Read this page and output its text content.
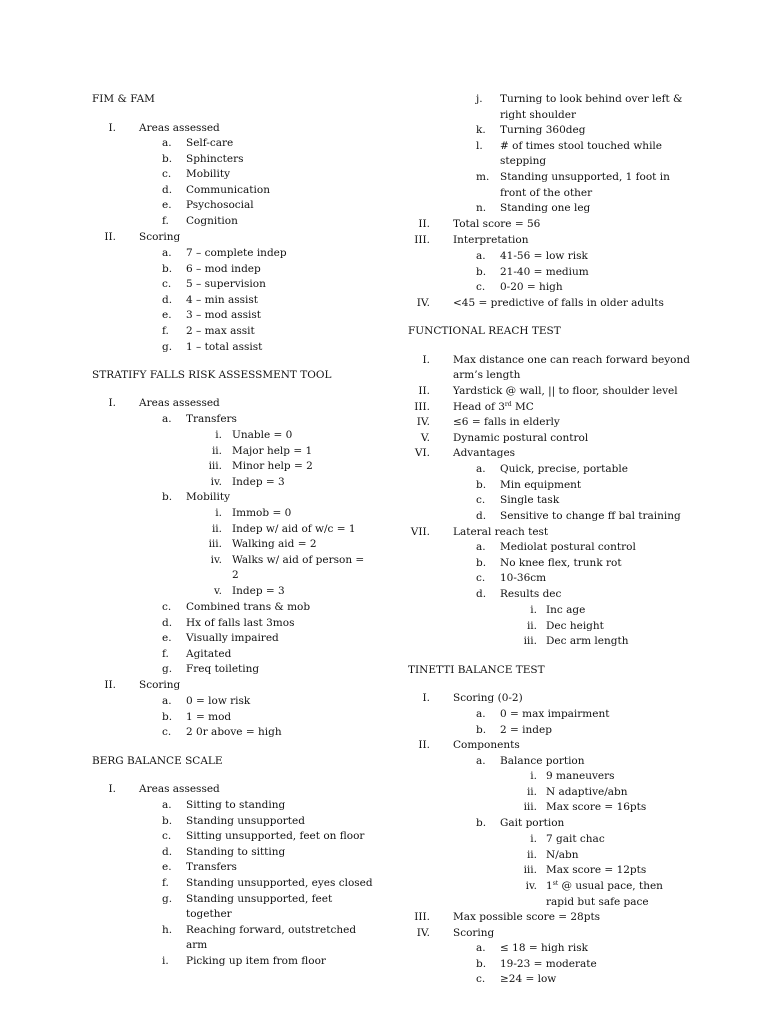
FIM & FAM
I. Areas assessed
a. Self-care
b. Sphincters
c. Mobility
d. Communication
e. Psychosocial
f. Cognition
II. Scoring
a. 7 – complete indep
b. 6 – mod indep
c. 5 – supervision
d. 4 – min assist
e. 3 – mod assist
f. 2 – max assit
g. 1 – total assist
STRATIFY FALLS RISK ASSESSMENT TOOL
I. Areas assessed
a. Transfers
i. Unable = 0
ii. Major help = 1
iii. Minor help = 2
iv. Indep = 3
b. Mobility
i. Immob = 0
ii. Indep w/ aid of w/c = 1
iii. Walking aid = 2
iv. Walks w/ aid of person =
2
v. Indep = 3
c. Combined trans & mob
d. Hx of falls last 3mos
e. Visually impaired
f. Agitated
g. Freq toileting
II. Scoring
a. 0 = low risk
b. 1 = mod
c. 2 0r above = high
BERG BALANCE SCALE
I. Areas assessed
a. Sitting to standing
b. Standing unsupported
c. Sitting unsupported, feet on floor
d. Standing to sitting
e. Transfers
f. Standing unsupported, eyes closed
g. Standing unsupported, feet
together
h. Reaching forward, outstretched
arm
i. Picking up item from floor
j. Turning to look behind over left &
right shoulder
k. Turning 360deg
l. # of times stool touched while
stepping
m. Standing unsupported, 1 foot in
front of the other
n. Standing one leg
II. Total score = 56
III. Interpretation
a. 41-56 = low risk
b. 21-40 = medium
c. 0-20 = high
IV. <45 = predictive of falls in older adults
FUNCTIONAL REACH TEST
I. Max distance one can reach forward beyond
arm’s length
II. Yardstick @ wall, || to floor, shoulder level
III. Head of 3rd MC
IV. ≤6 = falls in elderly
V. Dynamic postural control
VI. Advantages
a. Quick, precise, portable
b. Min equipment
c. Single task
d. Sensitive to change ff bal training
VII. Lateral reach test
a. Mediolat postural control
b. No knee flex, trunk rot
c. 10-36cm
d. Results dec
i. Inc age
ii. Dec height
iii. Dec arm length
TINETTI BALANCE TEST
I. Scoring (0-2)
a. 0 = max impairment
b. 2 = indep
II. Components
a. Balance portion
i. 9 maneuvers
ii. N adaptive/abn
iii. Max score = 16pts
b. Gait portion
i. 7 gait chac
ii. N/abn
iii. Max score = 12pts
iv. 1st @ usual pace, then
rapid but safe pace
III. Max possible score = 28pts
IV. Scoring
a. ≤ 18 = high risk
b. 19-23 = moderate
c. ≥24 = low
